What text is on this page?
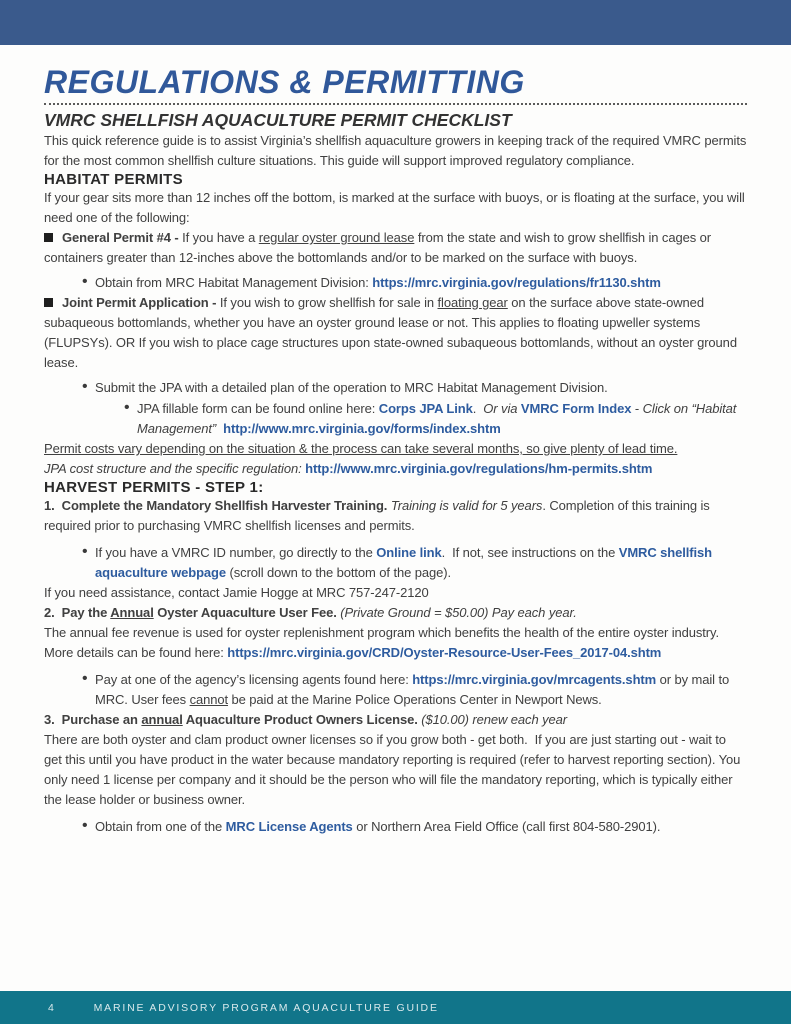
REGULATIONS & PERMITTING
VMRC SHELLFISH AQUACULTURE PERMIT CHECKLIST

This quick reference guide is to assist Virginia’s shellfish aquaculture growers in keeping track of the required VMRC permits for the most common shellfish culture situations. This guide will support improved regulatory compliance.

HABITAT PERMITS

If your gear sits more than 12 inches off the bottom, is marked at the surface with buoys, or is floating at the surface, you will need one of the following:

General Permit #4 - If you have a regular oyster ground lease from the state and wish to grow shellfish in cages or containers greater than 12-inches above the bottomlands and/or to be marked on the surface with buoys.

• Obtain from MRC Habitat Management Division: https://mrc.virginia.gov/regulations/fr1130.shtm

Joint Permit Application - If you wish to grow shellfish for sale in floating gear on the surface above state-owned subaqueous bottomlands, whether you have an oyster ground lease or not. This applies to floating upweller systems (FLUPSYs). OR If you wish to place cage structures upon state-owned subaqueous bottomlands, without an oyster ground lease.

• Submit the JPA with a detailed plan of the operation to MRC Habitat Management Division.

• JPA fillable form can be found online here: Corps JPA Link.  Or via VMRC Form Index - Click on “Habitat Management” http://www.mrc.virginia.gov/forms/index.shtm

Permit costs vary depending on the situation & the process can take several months, so give plenty of lead time.

JPA cost structure and the specific regulation: http://www.mrc.virginia.gov/regulations/hm-permits.shtm

HARVEST PERMITS - STEP 1:

1.  Complete the Mandatory Shellfish Harvester Training. Training is valid for 5 years. Completion of this training is required prior to purchasing VMRC shellfish licenses and permits.

• If you have a VMRC ID number, go directly to the Online link.  If not, see instructions on the VMRC shellfish aquaculture webpage (scroll down to the bottom of the page).

If you need assistance, contact Jamie Hogge at MRC 757-247-2120

2.  Pay the Annual Oyster Aquaculture User Fee. (Private Ground = $50.00) Pay each year.

The annual fee revenue is used for oyster replenishment program which benefits the health of the entire oyster industry. More details can be found here: https://mrc.virginia.gov/CRD/Oyster-Resource-User-Fees_2017-04.shtm

• Pay at one of the agency’s licensing agents found here: https://mrc.virginia.gov/mrcagents.shtm or by mail to MRC. User fees cannot be paid at the Marine Police Operations Center in Newport News.

3.  Purchase an annual Aquaculture Product Owners License. ($10.00) renew each year

There are both oyster and clam product owner licenses so if you grow both - get both.  If you are just starting out - wait to get this until you have product in the water because mandatory reporting is required (refer to harvest reporting section). You only need 1 license per company and it should be the person who will file the mandatory reporting, which is typically either the lease holder or business owner.

• Obtain from one of the MRC License Agents or Northern Area Field Office (call first 804-580-2901).

4	MARINE ADVISORY PROGRAM AQUACULTURE GUIDE
